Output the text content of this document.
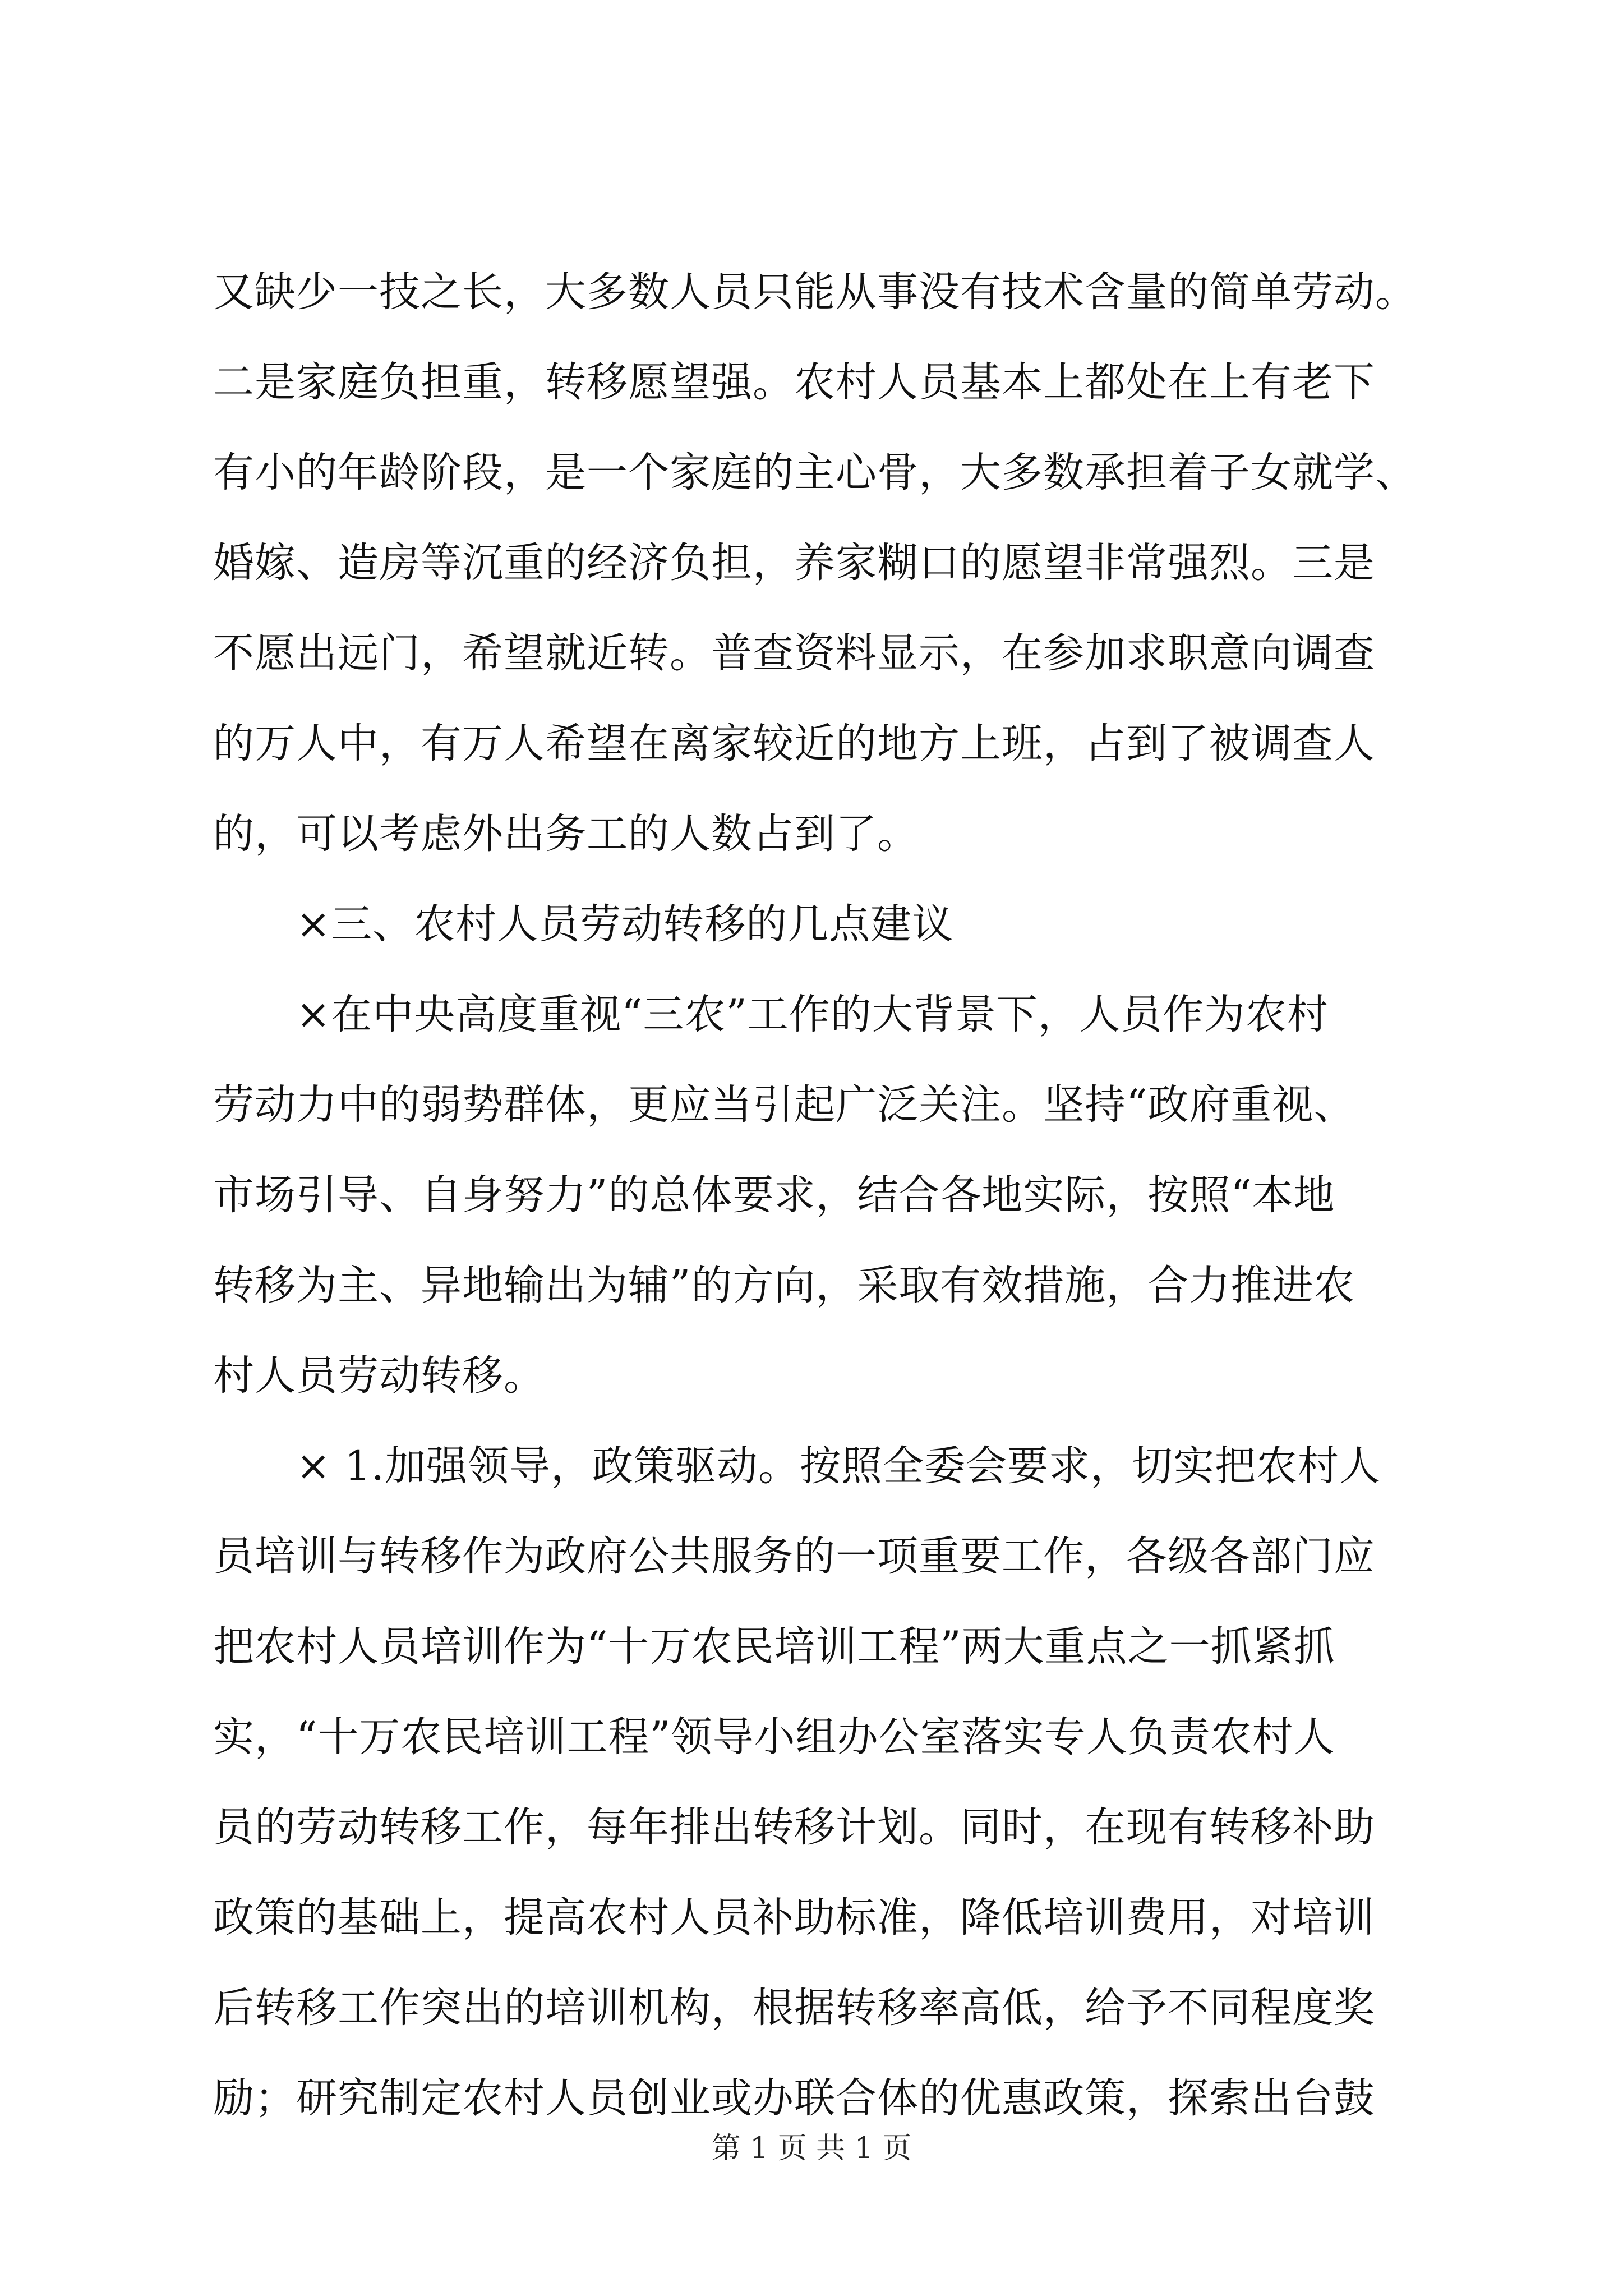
又缺少一技之长，大多数人员只能从事没有技术含量的简单劳动。
二是家庭负担重，转移愿望强。农村人员基本上都处在上有老下
有小的年龄阶段，是一个家庭的主心骨，大多数承担着子女就学、
婚嫁、造房等沉重的经济负担，养家糊口的愿望非常强烈。三是
不愿出远门，希望就近转。普查资料显示，在参加求职意向调查
的万人中，有万人希望在离家较近的地方上班，占到了被调查人
的，可以考虑外出务工的人数占到了。
　　×三、农村人员劳动转移的几点建议
　　×在中央高度重视“三农”工作的大背景下，人员作为农村
劳动力中的弱势群体，更应当引起广泛关注。坚持“政府重视、
市场引导、自身努力”的总体要求，结合各地实际，按照“本地
转移为主、异地输出为辅”的方向，采取有效措施，合力推进农
村人员劳动转移。
　　× 1.加强领导，政策驱动。按照全委会要求，切实把农村人
员培训与转移作为政府公共服务的一项重要工作，各级各部门应
把农村人员培训作为“十万农民培训工程”两大重点之一抓紧抓
实，“十万农民培训工程”领导小组办公室落实专人负责农村人
员的劳动转移工作，每年排出转移计划。同时，在现有转移补助
政策的基础上，提高农村人员补助标准，降低培训费用，对培训
后转移工作突出的培训机构，根据转移率高低，给予不同程度奖
励；研究制定农村人员创业或办联合体的优惠政策，探索出台鼓
第 1 页 共 1 页
